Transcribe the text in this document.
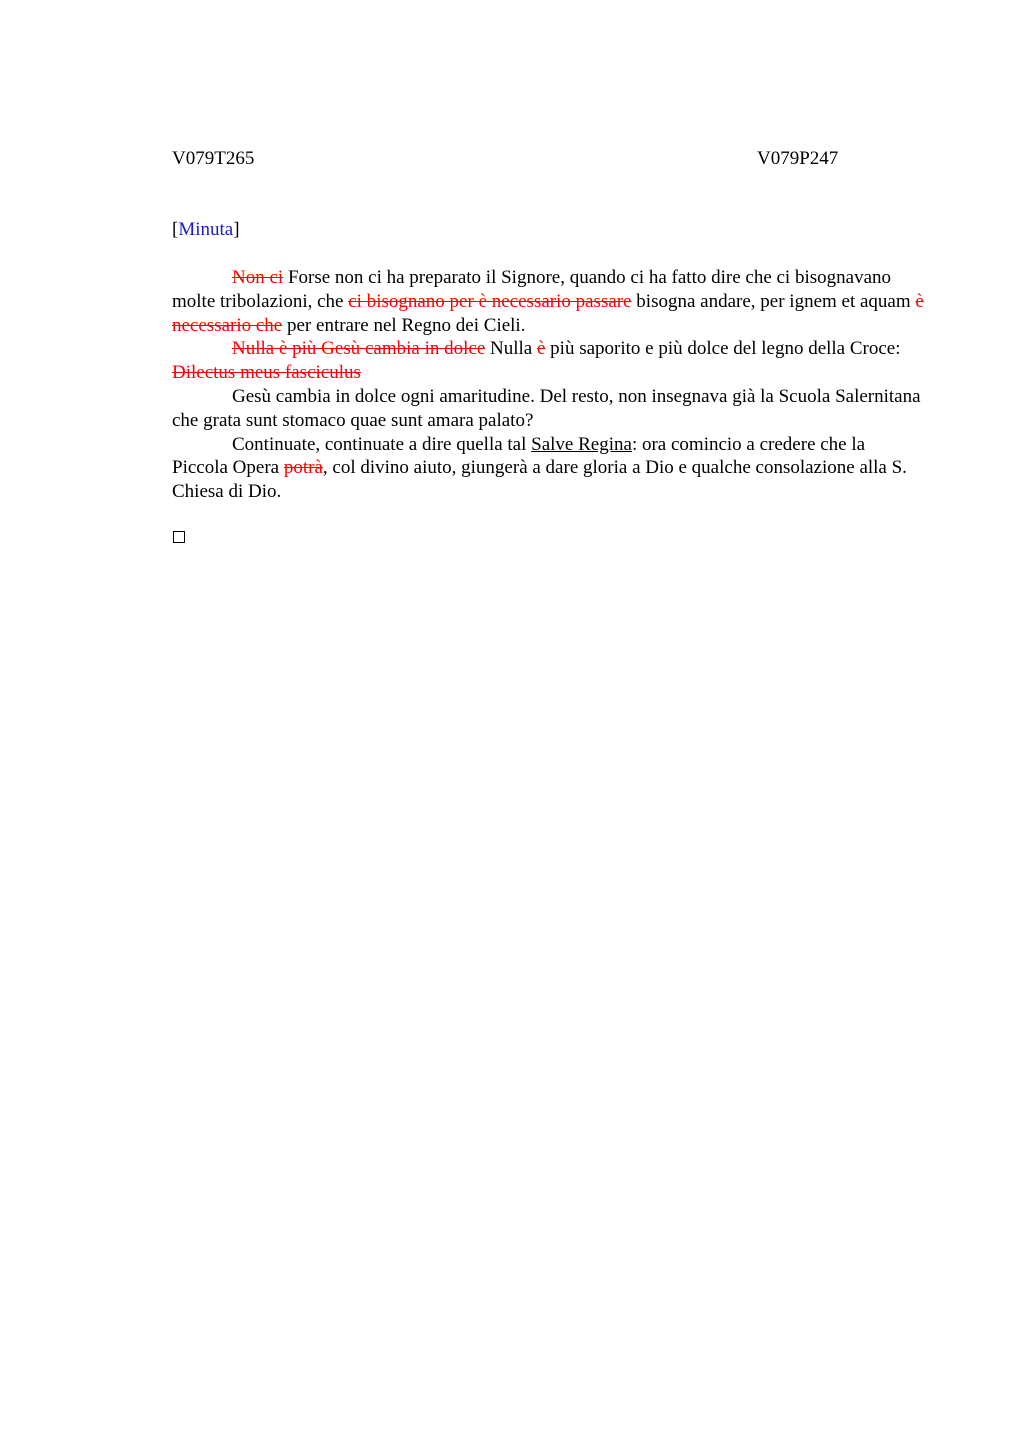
V079T265	V079P247
[Minuta]

Non ci Forse non ci ha preparato il Signore, quando ci ha fatto dire che ci bisognavano molte tribolazioni, che ci bisognano per è necessario passare bisogna andare, per ignem et aquam è necessario che per entrare nel Regno dei Cieli.

Nulla è più Gesù cambia in dolce Nulla è più saporito e più dolce del legno della Croce: Dilectus meus fasciculus

Gesù cambia in dolce ogni amaritudine. Del resto, non insegnava già la Scuola Salernitana che grata sunt stomaco quae sunt amara palato?

Continuate, continuate a dire quella tal Salve Regina: ora comincio a credere che la Piccola Opera potrà, col divino aiuto, giungerà a dare gloria a Dio e qualche consolazione alla S. Chiesa di Dio.
